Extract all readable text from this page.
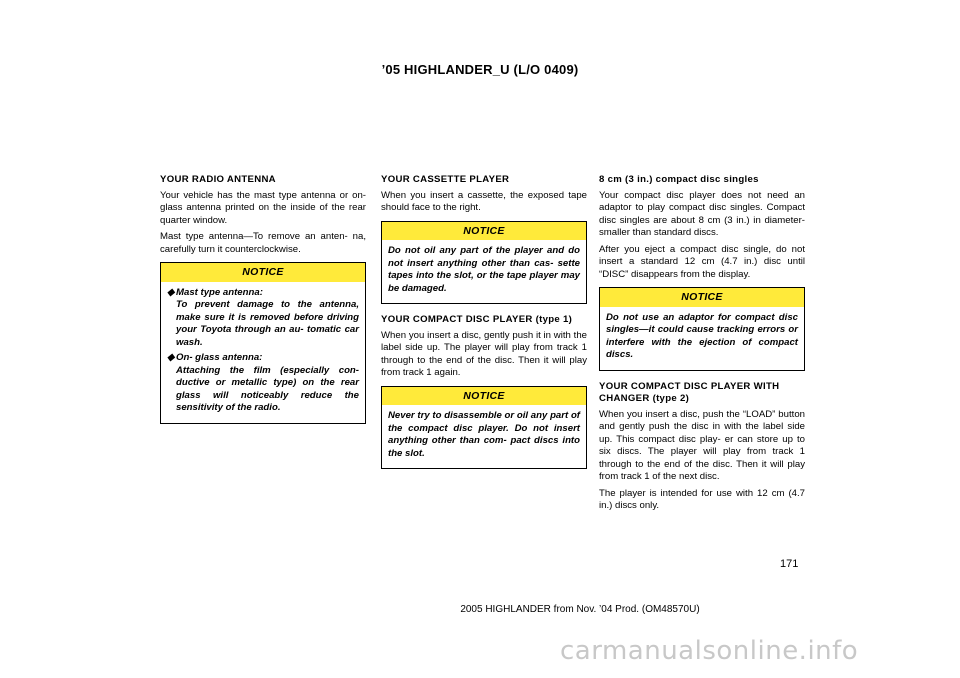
’05 HIGHLANDER_U (L/O 0409)
YOUR RADIO ANTENNA

Your vehicle has the mast type antenna or on- glass antenna printed on the inside of the rear quarter window.

Mast type antenna—To remove an anten- na, carefully turn it counterclockwise.

NOTICE
◆ Mast type antenna:
To prevent damage to the antenna, make sure it is removed before driving your Toyota through an au- tomatic car wash.
◆ On- glass antenna:
Attaching the film (especially con- ductive or metallic type) on the rear glass will noticeably reduce the sensitivity of the radio.
YOUR CASSETTE PLAYER

When you insert a cassette, the exposed tape should face to the right.

NOTICE

Do not oil any part of the player and do not insert anything other than cas- sette tapes into the slot, or the tape player may be damaged.

YOUR COMPACT DISC PLAYER (type 1)

When you insert a disc, gently push it in with the label side up. The player will play from track 1 through to the end of the disc. Then it will play from track 1 again.

NOTICE

Never try to disassemble or oil any part of the compact disc player. Do not insert anything other than com- pact discs into the slot.

8 cm (3 in.) compact disc singles

Your compact disc player does not need an adaptor to play compact disc singles. Compact disc singles are about 8 cm (3 in.) in diameter- smaller than standard discs.

After you eject a compact disc single, do not insert a standard 12 cm (4.7 in.) disc until “DISC” disappears from the display.

NOTICE

Do not use an adaptor for compact disc singles—it could cause tracking errors or interfere with the ejection of compact discs.

YOUR COMPACT DISC PLAYER WITH CHANGER (type 2)

When you insert a disc, push the “LOAD” button and gently push the disc in with the label side up. This compact disc play- er can store up to six discs. The player will play from track 1 through to the end of the disc. Then it will play from track 1 of the next disc.

The player is intended for use with 12 cm (4.7 in.) discs only.

171
2005 HIGHLANDER from Nov. ’04 Prod. (OM48570U)
carmanualsonline.info
